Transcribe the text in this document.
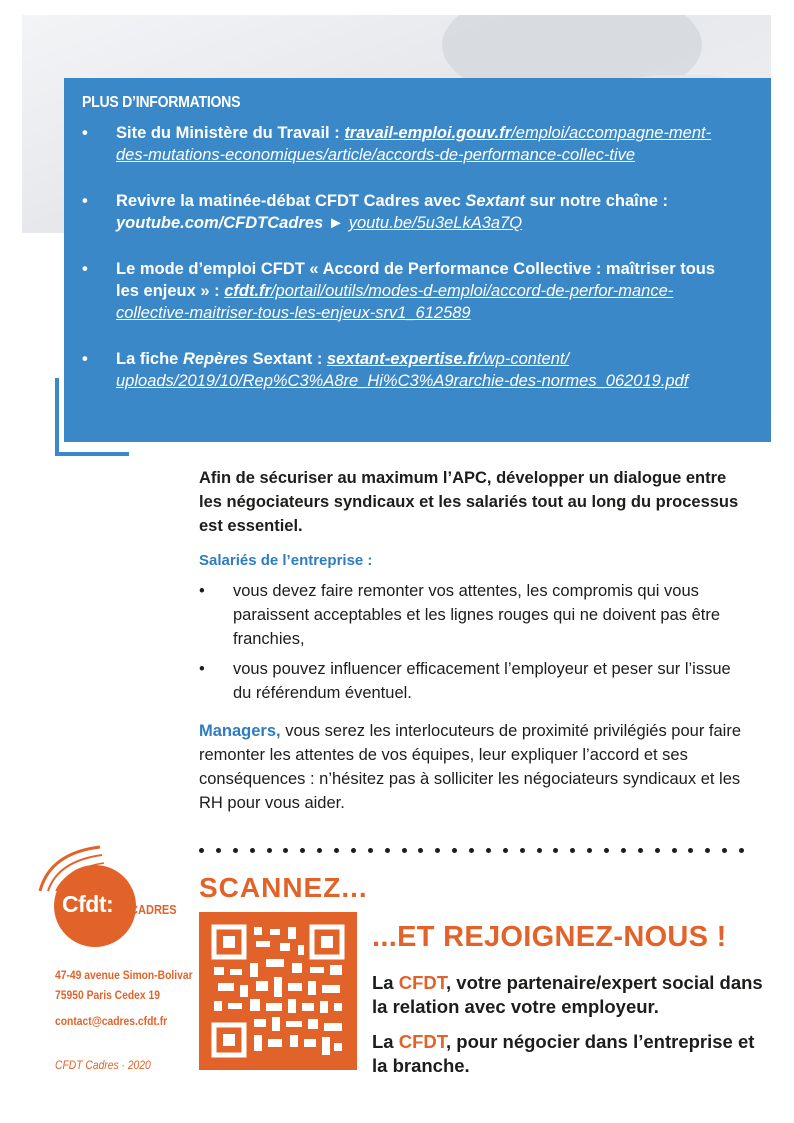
PLUS D’INFORMATIONS
• Site du Ministère du Travail : travail-emploi.gouv.fr/emploi/accompagne-ment-des-mutations-economiques/article/accords-de-performance-collec-tive
• Revivre la matinée-débat CFDT Cadres avec Sextant sur notre chaîne : youtube.com/CFDTCadres ► youtu.be/5u3eLkA3a7Q
• Le mode d’emploi CFDT « Accord de Performance Collective : maîtriser tous les enjeux » : cfdt.fr/portail/outils/modes-d-emploi/accord-de-perfor-mance-collective-maitriser-tous-les-enjeux-srv1_612589
• La fiche Repères Sextant : sextant-expertise.fr/wp-content/ uploads/2019/10/Rep%C3%A8re_Hi%C3%A9rarchie-des-normes_062019.pdf

Afin de sécuriser au maximum l’APC, développer un dialogue entre les négociateurs syndicaux et les salariés tout au long du processus est essentiel.

Salariés de l’entreprise :

• vous devez faire remonter vos attentes, les compromis qui vous paraissent acceptables et les lignes rouges qui ne doivent pas être franchies,
• vous pouvez influencer efficacement l’employeur et peser sur l’issue du référendum éventuel.

Managers, vous serez les interlocuteurs de proximité privilégiés pour faire remonter les attentes de vos équipes, leur expliquer l’accord et ses conséquences : n’hésitez pas à solliciter les négociateurs syndicaux et les RH pour vous aider.

Cfdt: CADRES
47-49 avenue Simon-Bolivar
75950 Paris Cedex 19
contact@cadres.cfdt.fr
CFDT Cadres · 2020
SCANNEZ...
...ET REJOIGNEZ-NOUS !
La CFDT, votre partenaire/expert social dans la relation avec votre employeur.
La CFDT, pour négocier dans l’entreprise et la branche.
